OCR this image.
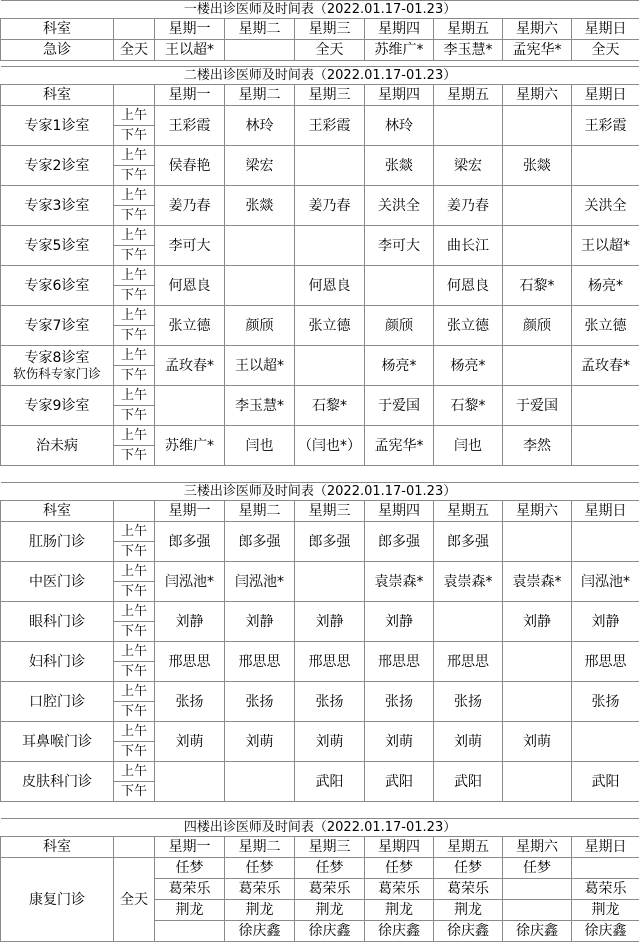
一楼出诊医师及时间表（2022.01.17-01.23）								
科室		星期一	星期二	星期三	星期四	星期五	星期六	星期日
急诊	全天	王以超*		全天	苏维广*	李玉慧*	孟宪华*	全天

二楼出诊医师及时间表（2022.01.17-01.23）								
科室		星期一	星期二	星期三	星期四	星期五	星期六	星期日
专家1诊室	上午	王彩霞	林玲	王彩霞	林玲			王彩霞
	下午							
专家2诊室	上午	侯春艳	梁宏		张燚	梁宏	张燚	
	下午							
专家3诊室	上午	姜乃春	张燚	姜乃春	关洪全	姜乃春		关洪全
	下午							
专家5诊室	上午	李可大			李可大	曲长江		王以超*
	下午							
专家6诊室	上午	何恩良		何恩良		何恩良	石黎*	杨亮*
	下午							
专家7诊室	上午	张立德	颜颀	张立德	颜颀	张立德	颜颀	张立德
	下午							

专家8诊室
软伤科专家门诊	上午	孟玫春*	王以超*		杨亮*	杨亮*		孟玫春*
	下午							
专家9诊室	上午		李玉慧*	石黎*	于爱国	石黎*	于爱国	
	下午							
治未病	上午	苏维广*	闫也	（闫也*）	孟宪华*	闫也	李然	
	下午							

三楼出诊医师及时间表（2022.01.17-01.23）								
科室		星期一	星期二	星期三	星期四	星期五	星期六	星期日
肛肠门诊	上午	郎多强	郎多强	郎多强	郎多强	郎多强		
	下午							
中医门诊	上午	闫泓池*	闫泓池*		袁崇森*	袁崇森*	袁崇森*	闫泓池*
	下午							
眼科门诊	上午	刘静	刘静	刘静	刘静		刘静	刘静
	下午							
妇科门诊	上午	邢思思	邢思思	邢思思	邢思思	邢思思		邢思思
	下午							
口腔门诊	上午	张扬	张扬	张扬	张扬	张扬		张扬
	下午							
耳鼻喉门诊	上午	刘萌	刘萌	刘萌	刘萌	刘萌	刘萌	
	下午							
皮肤科门诊	上午			武阳	武阳	武阳		武阳
	下午							

四楼出诊医师及时间表（2022.01.17-01.23）								
科室		星期一	星期二	星期三	星期四	星期五	星期六	星期日
康复门诊	全天	任梦	任梦	任梦	任梦	任梦	任梦	
		葛荣乐	葛荣乐	葛荣乐	葛荣乐	葛荣乐		葛荣乐
		荆龙	荆龙	荆龙	荆龙	荆龙		荆龙
			徐庆鑫	徐庆鑫	徐庆鑫	徐庆鑫	徐庆鑫	徐庆鑫
